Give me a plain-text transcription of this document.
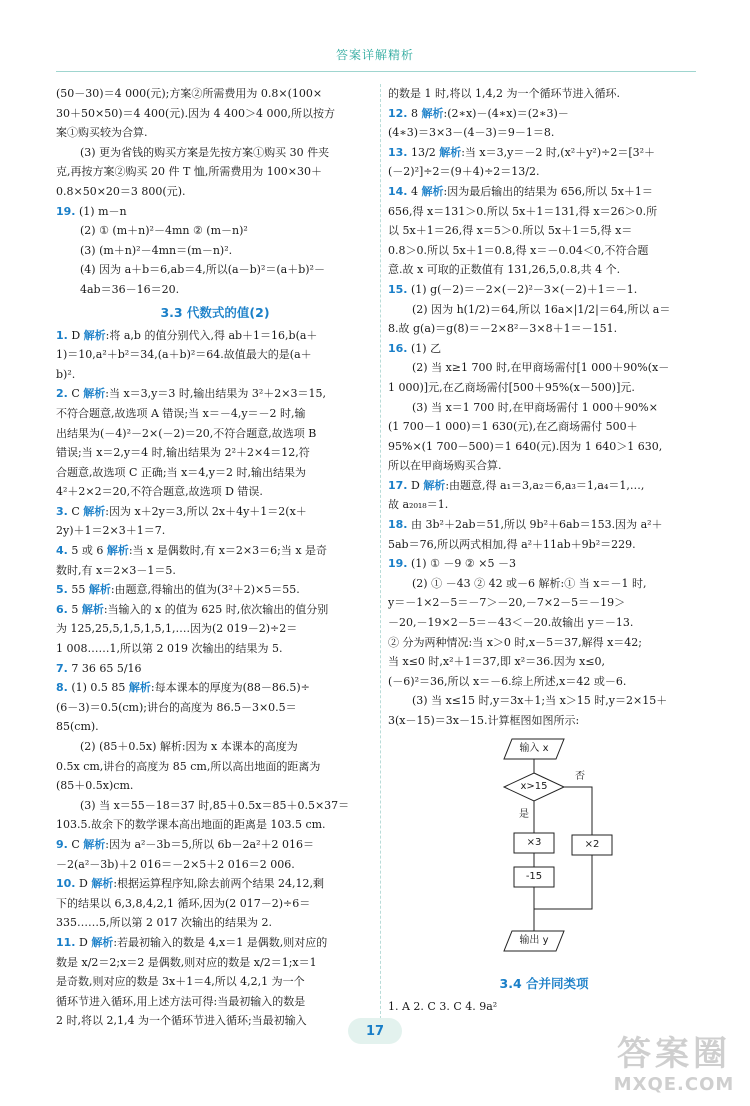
答案详解精析
(50－30)＝4 000(元);方案②所需费用为 0.8×(100×
30＋50×50)＝4 400(元).因为 4 400＞4 000,所以按方
案①购买较为合算.
(3) 更为省钱的购买方案是先按方案①购买 30 件夹
克,再按方案②购买 20 件 T 恤,所需费用为 100×30＋
0.8×50×20＝3 800(元).
19. (1) m－n
(2) ① (m＋n)²－4mn ② (m－n)²
(3) (m＋n)²－4mn＝(m－n)².
(4) 因为 a＋b＝6,ab＝4,所以(a－b)²＝(a＋b)²－
4ab＝36－16＝20.
3.3 代数式的值(2)
1. D 解析:将 a,b 的值分别代入,得 ab＋1＝16,b(a＋
1)＝10,a²＋b²＝34,(a＋b)²＝64.故值最大的是(a＋
b)².
2. C 解析:当 x＝3,y＝3 时,输出结果为 3²＋2×3＝15,
不符合题意,故选项 A 错误;当 x＝－4,y＝－2 时,输
出结果为(－4)²－2×(－2)＝20,不符合题意,故选项 B
错误;当 x＝2,y＝4 时,输出结果为 2²＋2×4＝12,符
合题意,故选项 C 正确;当 x＝4,y＝2 时,输出结果为
4²＋2×2＝20,不符合题意,故选项 D 错误.
3. C 解析:因为 x＋2y＝3,所以 2x＋4y＋1＝2(x＋
2y)＋1＝2×3＋1＝7.
4. 5 或 6 解析:当 x 是偶数时,有 x＝2×3＝6;当 x 是奇
数时,有 x＝2×3－1＝5.
5. 55 解析:由题意,得输出的值为(3²＋2)×5＝55.
6. 5 解析:当输入的 x 的值为 625 时,依次输出的值分别
为 125,25,5,1,5,1,5,1,….因为(2 019－2)÷2＝
1 008……1,所以第 2 019 次输出的结果为 5.
7. 7 36 65 5/16
8. (1) 0.5 85 解析:每本课本的厚度为(88－86.5)÷
(6－3)＝0.5(cm);讲台的高度为 86.5－3×0.5＝
85(cm).
(2) (85＋0.5x) 解析:因为 x 本课本的高度为
0.5x cm,讲台的高度为 85 cm,所以高出地面的距离为
(85＋0.5x)cm.
(3) 当 x＝55－18＝37 时,85＋0.5x＝85＋0.5×37＝
103.5.故余下的数学课本高出地面的距离是 103.5 cm.
9. C 解析:因为 a²－3b＝5,所以 6b－2a²＋2 016＝
－2(a²－3b)＋2 016＝－2×5＋2 016＝2 006.
10. D 解析:根据运算程序知,除去前两个结果 24,12,剩
下的结果以 6,3,8,4,2,1 循环,因为(2 017－2)÷6＝
335……5,所以第 2 017 次输出的结果为 2.
11. D 解析:若最初输入的数是 4,x＝1 是偶数,则对应的
数是 x/2＝2;x＝2 是偶数,则对应的数是 x/2＝1;x＝1
是奇数,则对应的数是 3x＋1＝4,所以 4,2,1 为一个
循环节进入循环,用上述方法可得:当最初输入的数是
2 时,将以 2,1,4 为一个循环节进入循环;当最初输入
的数是 1 时,将以 1,4,2 为一个循环节进入循环.
12. 8 解析:(2∗x)－(4∗x)＝(2∗3)－
(4∗3)＝3×3－(4－3)＝9－1＝8.
13. 13/2 解析:当 x＝3,y＝－2 时,(x²＋y²)÷2＝[3²＋
(－2)²]÷2＝(9＋4)÷2＝13/2.
14. 4 解析:因为最后输出的结果为 656,所以 5x＋1＝
656,得 x＝131＞0.所以 5x＋1＝131,得 x＝26＞0.所
以 5x＋1＝26,得 x＝5＞0.所以 5x＋1＝5,得 x＝
0.8＞0.所以 5x＋1＝0.8,得 x＝－0.04＜0,不符合题
意.故 x 可取的正数值有 131,26,5,0.8,共 4 个.
15. (1) g(－2)＝－2×(－2)²－3×(－2)＋1＝－1.
(2) 因为 h(1/2)＝64,所以 16a×|1/2|＝64,所以 a＝
8.故 g(a)＝g(8)＝－2×8²－3×8＋1＝－151.
16. (1) 乙
(2) 当 x≥1 700 时,在甲商场需付[1 000＋90%(x－
1 000)]元,在乙商场需付[500＋95%(x－500)]元.
(3) 当 x＝1 700 时,在甲商场需付 1 000＋90%×
(1 700－1 000)＝1 630(元),在乙商场需付 500＋
95%×(1 700－500)＝1 640(元).因为 1 640＞1 630,
所以在甲商场购买合算.
17. D 解析:由题意,得 a₁＝3,a₂＝6,a₃＝1,a₄＝1,…,
故 a₂₀₁₈＝1.
18. 由 3b²＋2ab＝51,所以 9b²＋6ab＝153.因为 a²＋
5ab＝76,所以两式相加,得 a²＋11ab＋9b²＝229.
19. (1) ① －9 ② ×5 －3
(2) ① －43 ② 42 或－6 解析:① 当 x＝－1 时,
y＝－1×2－5＝－7＞－20,－7×2－5＝－19＞
－20,－19×2－5＝－43＜－20.故输出 y＝－13.
② 分为两种情况:当 x＞0 时,x－5＝37,解得 x＝42;
当 x≤0 时,x²＋1＝37,即 x²＝36.因为 x≤0,
(－6)²＝36,所以 x＝－6.综上所述,x＝42 或－6.
(3) 当 x≤15 时,y＝3x＋1;当 x＞15 时,y＝2×15＋
3(x－15)＝3x－15.计算框图如图所示:
输入 x
x>15
否
是
×3
-15
×2
输出 y
3.4 合并同类项
1. A 2. C 3. C 4. 9a²
17
答案圈
MXQE.COM
